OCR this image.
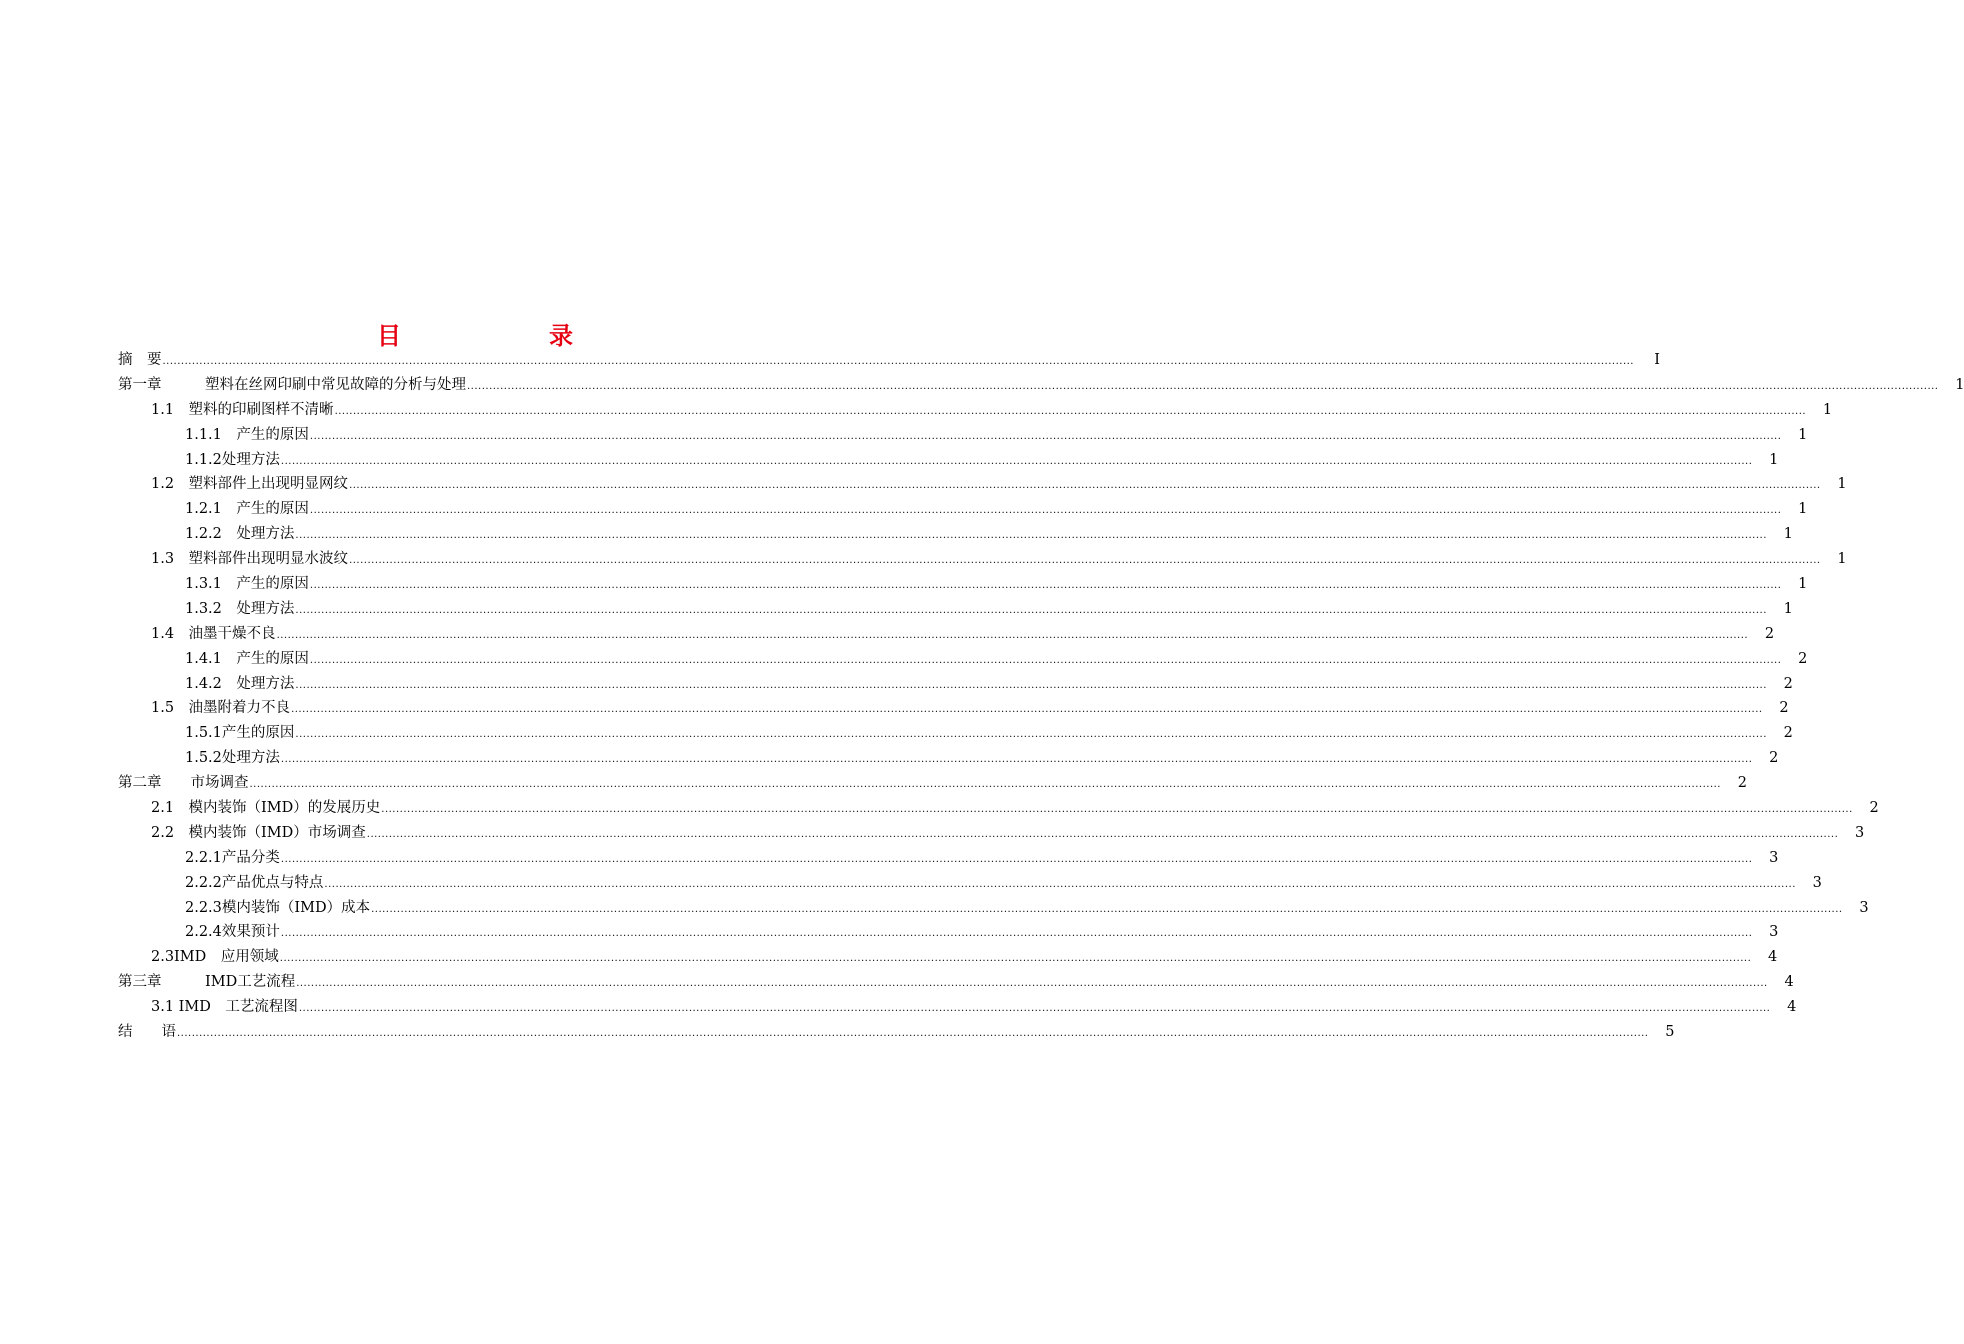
目　录
摘　要 ................................................................................................................................................................................................................................................................................................................................................................................................................	I
第一章　　　塑料在丝网印刷中常见故障的分析与处理 ................................................................................................................................................................................................................................................................................................................................................................................................................	1
1.1　塑料的印刷图样不清晰 ................................................................................................................................................................................................................................................................................................................................................................................................................	1
1.1.1　产生的原因 ................................................................................................................................................................................................................................................................................................................................................................................................................	1
1.1.2处理方法 ................................................................................................................................................................................................................................................................................................................................................................................................................	1
1.2　塑料部件上出现明显网纹 ................................................................................................................................................................................................................................................................................................................................................................................................................	1
1.2.1　产生的原因 ................................................................................................................................................................................................................................................................................................................................................................................................................	1
1.2.2　处理方法 ................................................................................................................................................................................................................................................................................................................................................................................................................	1
1.3　塑料部件出现明显水波纹 ................................................................................................................................................................................................................................................................................................................................................................................................................	1
1.3.1　产生的原因 ................................................................................................................................................................................................................................................................................................................................................................................................................	1
1.3.2　处理方法 ................................................................................................................................................................................................................................................................................................................................................................................................................	1
1.4　油墨干燥不良 ................................................................................................................................................................................................................................................................................................................................................................................................................	2
1.4.1　产生的原因 ................................................................................................................................................................................................................................................................................................................................................................................................................	2
1.4.2　处理方法 ................................................................................................................................................................................................................................................................................................................................................................................................................	2
1.5　油墨附着力不良 ................................................................................................................................................................................................................................................................................................................................................................................................................	2
1.5.1产生的原因 ................................................................................................................................................................................................................................................................................................................................................................................................................	2
1.5.2处理方法 ................................................................................................................................................................................................................................................................................................................................................................................................................	2
第二章　　市场调查 ................................................................................................................................................................................................................................................................................................................................................................................................................	2
2.1　模内装饰（IMD）的发展历史 ................................................................................................................................................................................................................................................................................................................................................................................................................	2
2.2　模内装饰（IMD）市场调查 ................................................................................................................................................................................................................................................................................................................................................................................................................	3
2.2.1产品分类 ................................................................................................................................................................................................................................................................................................................................................................................................................	3
2.2.2产品优点与特点 ................................................................................................................................................................................................................................................................................................................................................................................................................	3
2.2.3模内装饰（IMD）成本 ................................................................................................................................................................................................................................................................................................................................................................................................................	3
2.2.4效果预计 ................................................................................................................................................................................................................................................................................................................................................................................................................	3
2.3IMD　应用领域 ................................................................................................................................................................................................................................................................................................................................................................................................................	4
第三章　　　IMD工艺流程 ................................................................................................................................................................................................................................................................................................................................................................................................................	4
3.1 IMD　工艺流程图 ................................................................................................................................................................................................................................................................................................................................................................................................................	4
结　　语 ................................................................................................................................................................................................................................................................................................................................................................................................................	5
